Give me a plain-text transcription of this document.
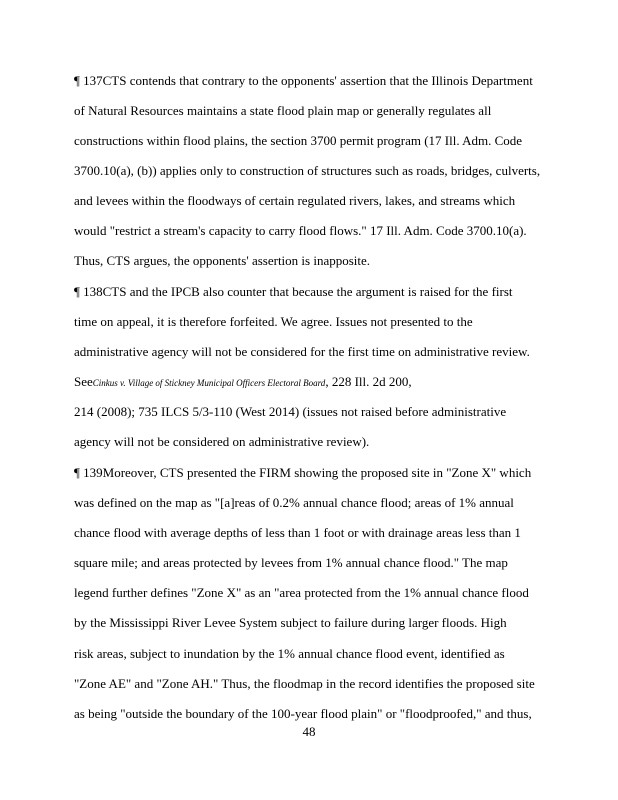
¶ 137CTS contends that contrary to the opponents' assertion that the Illinois Department
of Natural Resources maintains a state flood plain map or generally regulates all
constructions within flood plains, the section 3700 permit program (17 Ill. Adm. Code
3700.10(a), (b)) applies only to construction of structures such as roads, bridges, culverts,
and levees within the floodways of certain regulated rivers, lakes, and streams which
would "restrict a stream's capacity to carry flood flows." 17 Ill. Adm. Code 3700.10(a).
Thus, CTS argues, the opponents' assertion is inapposite.
¶ 138CTS and the IPCB also counter that because the argument is raised for the first
time on appeal, it is therefore forfeited. We agree. Issues not presented to the
administrative agency will not be considered for the first time on administrative review.
SeeCinkus v. Village of Stickney Municipal Officers Electoral Board, 228 Ill. 2d 200,
214 (2008); 735 ILCS 5/3-110 (West 2014) (issues not raised before administrative
agency will not be considered on administrative review).
¶ 139Moreover, CTS presented the FIRM showing the proposed site in "Zone X" which
was defined on the map as "[a]reas of 0.2% annual chance flood; areas of 1% annual
chance flood with average depths of less than 1 foot or with drainage areas less than 1
square mile; and areas protected by levees from 1% annual chance flood." The map
legend further defines "Zone X" as an "area protected from the 1% annual chance flood
by the Mississippi River Levee System subject to failure during larger floods. High
risk areas, subject to inundation by the 1% annual chance flood event, identified as
"Zone AE" and "Zone AH." Thus, the floodmap in the record identifies the proposed site
as being "outside the boundary of the 100-year flood plain" or "floodproofed," and thus,
48
